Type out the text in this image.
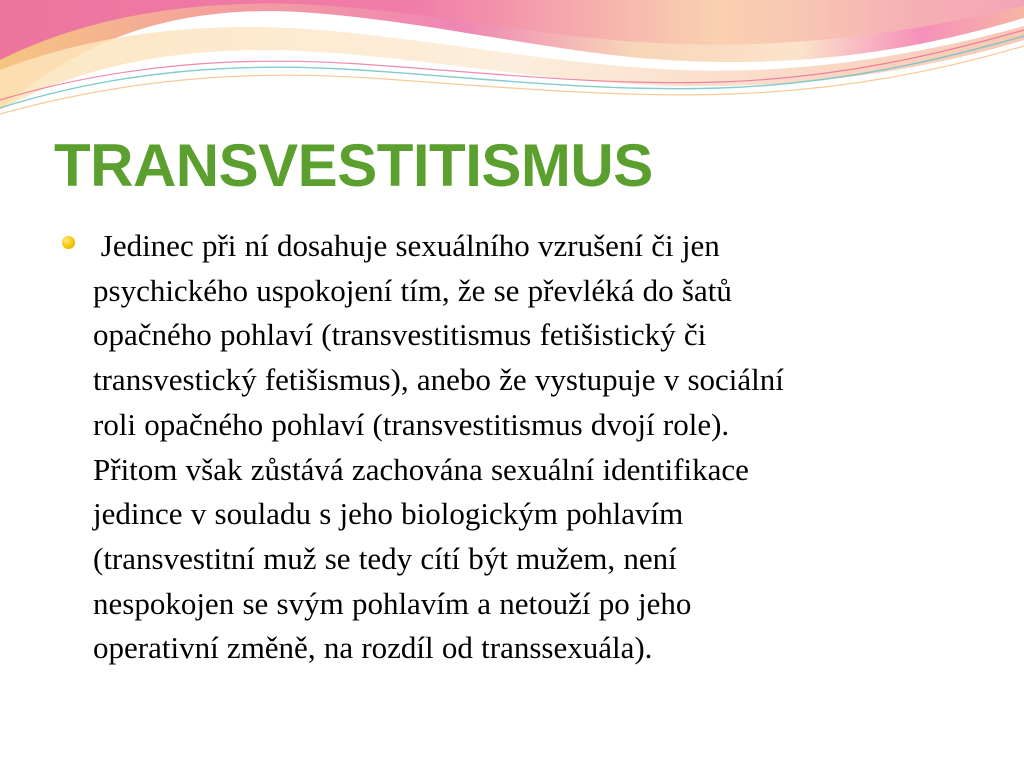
TRANSVESTITISMUS

Jedinec při ní dosahuje sexuálního vzrušení či jen
psychického uspokojení tím, že se převléká do šatů
opačného pohlaví (transvestitismus fetišistický či
transvestický fetišismus), anebo že vystupuje v sociální
roli opačného pohlaví (transvestitismus dvojí role).
Přitom však zůstává zachována sexuální identifikace
jedince v souladu s jeho biologickým pohlavím
(transvestitní muž se tedy cítí být mužem, není
nespokojen se svým pohlavím a netouží po jeho
operativní změně, na rozdíl od transsexuála).
